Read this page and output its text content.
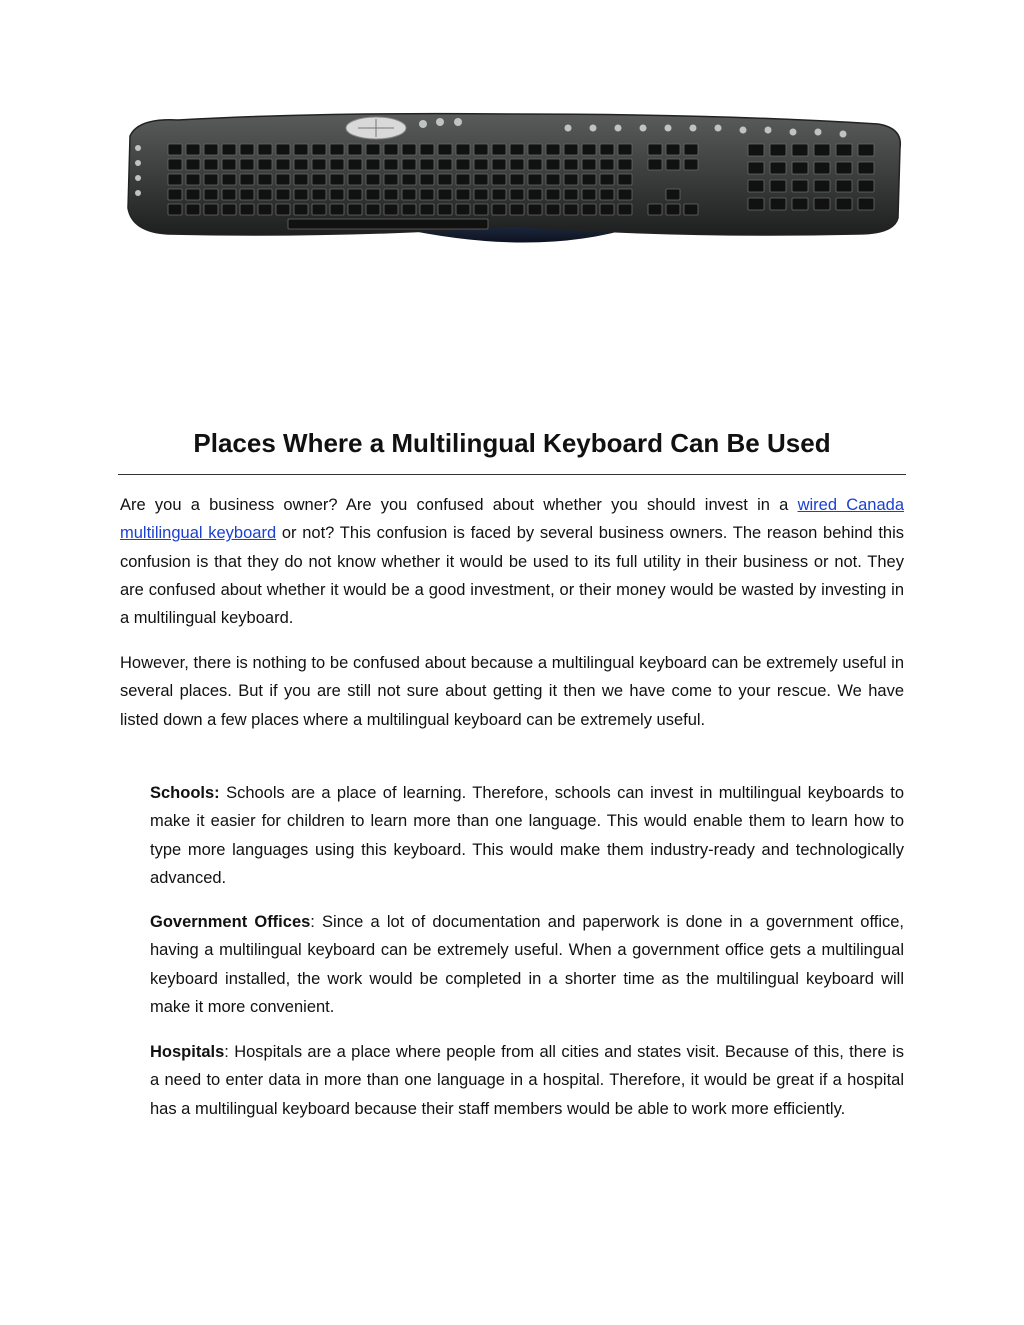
Places Where a Multilingual Keyboard Can Be Used

Are you a business owner? Are you confused about whether you should invest in a wired Canada multilingual keyboard or not? This confusion is faced by several business owners. The reason behind this confusion is that they do not know whether it would be used to its full utility in their business or not. They are confused about whether it would be a good investment, or their money would be wasted by investing in a multilingual keyboard.

However, there is nothing to be confused about because a multilingual keyboard can be extremely useful in several places. But if you are still not sure about getting it then we have come to your rescue. We have listed down a few places where a multilingual keyboard can be extremely useful.

Schools: Schools are a place of learning. Therefore, schools can invest in multilingual keyboards to make it easier for children to learn more than one language. This would enable them to learn how to type more languages using this keyboard. This would make them industry-ready and technologically advanced.

Government Offices: Since a lot of documentation and paperwork is done in a government office, having a multilingual keyboard can be extremely useful. When a government office gets a multilingual keyboard installed, the work would be completed in a shorter time as the multilingual keyboard will make it more convenient.

Hospitals: Hospitals are a place where people from all cities and states visit. Because of this, there is a need to enter data in more than one language in a hospital. Therefore, it would be great if a hospital has a multilingual keyboard because their staff members would be able to work more efficiently.
